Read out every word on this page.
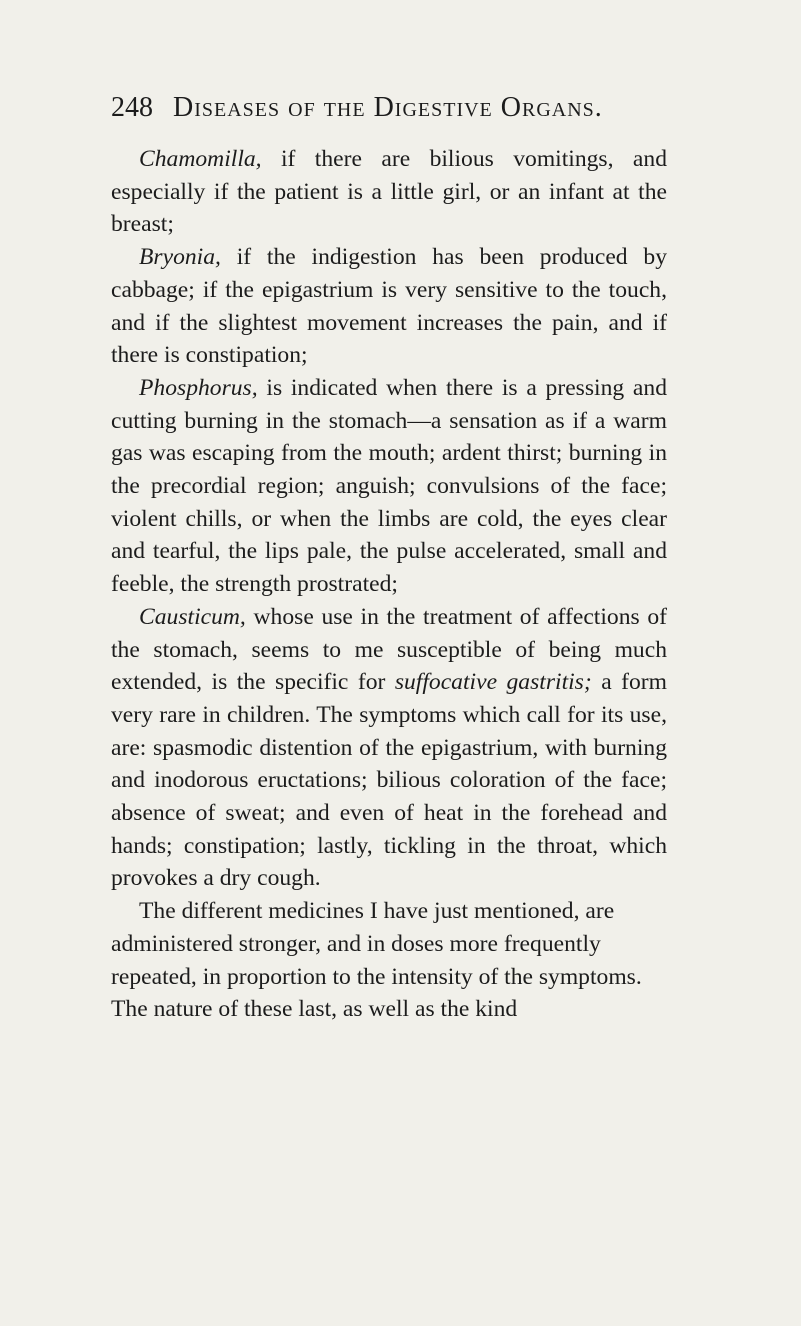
248 Diseases of the Digestive Organs.

Chamomilla, if there are bilious vomitings, and especially if the patient is a little girl, or an infant at the breast;

Bryonia, if the indigestion has been produced by cabbage; if the epigastrium is very sensitive to the touch, and if the slightest movement increases the pain, and if there is constipation;

Phosphorus, is indicated when there is a pressing and cutting burning in the stomach—a sensation as if a warm gas was escaping from the mouth; ardent thirst; burning in the precordial region; anguish; convulsions of the face; violent chills, or when the limbs are cold, the eyes clear and tearful, the lips pale, the pulse accelerated, small and feeble, the strength prostrated;

Causticum, whose use in the treatment of affections of the stomach, seems to me susceptible of being much extended, is the specific for suffocative gastritis; a form very rare in children. The symptoms which call for its use, are: spasmodic distention of the epigastrium, with burning and inodorous eructations; bilious coloration of the face; absence of sweat; and even of heat in the forehead and hands; constipation; lastly, tickling in the throat, which provokes a dry cough.

The different medicines I have just mentioned, are administered stronger, and in doses more frequently repeated, in proportion to the intensity of the symptoms. The nature of these last, as well as the kind
